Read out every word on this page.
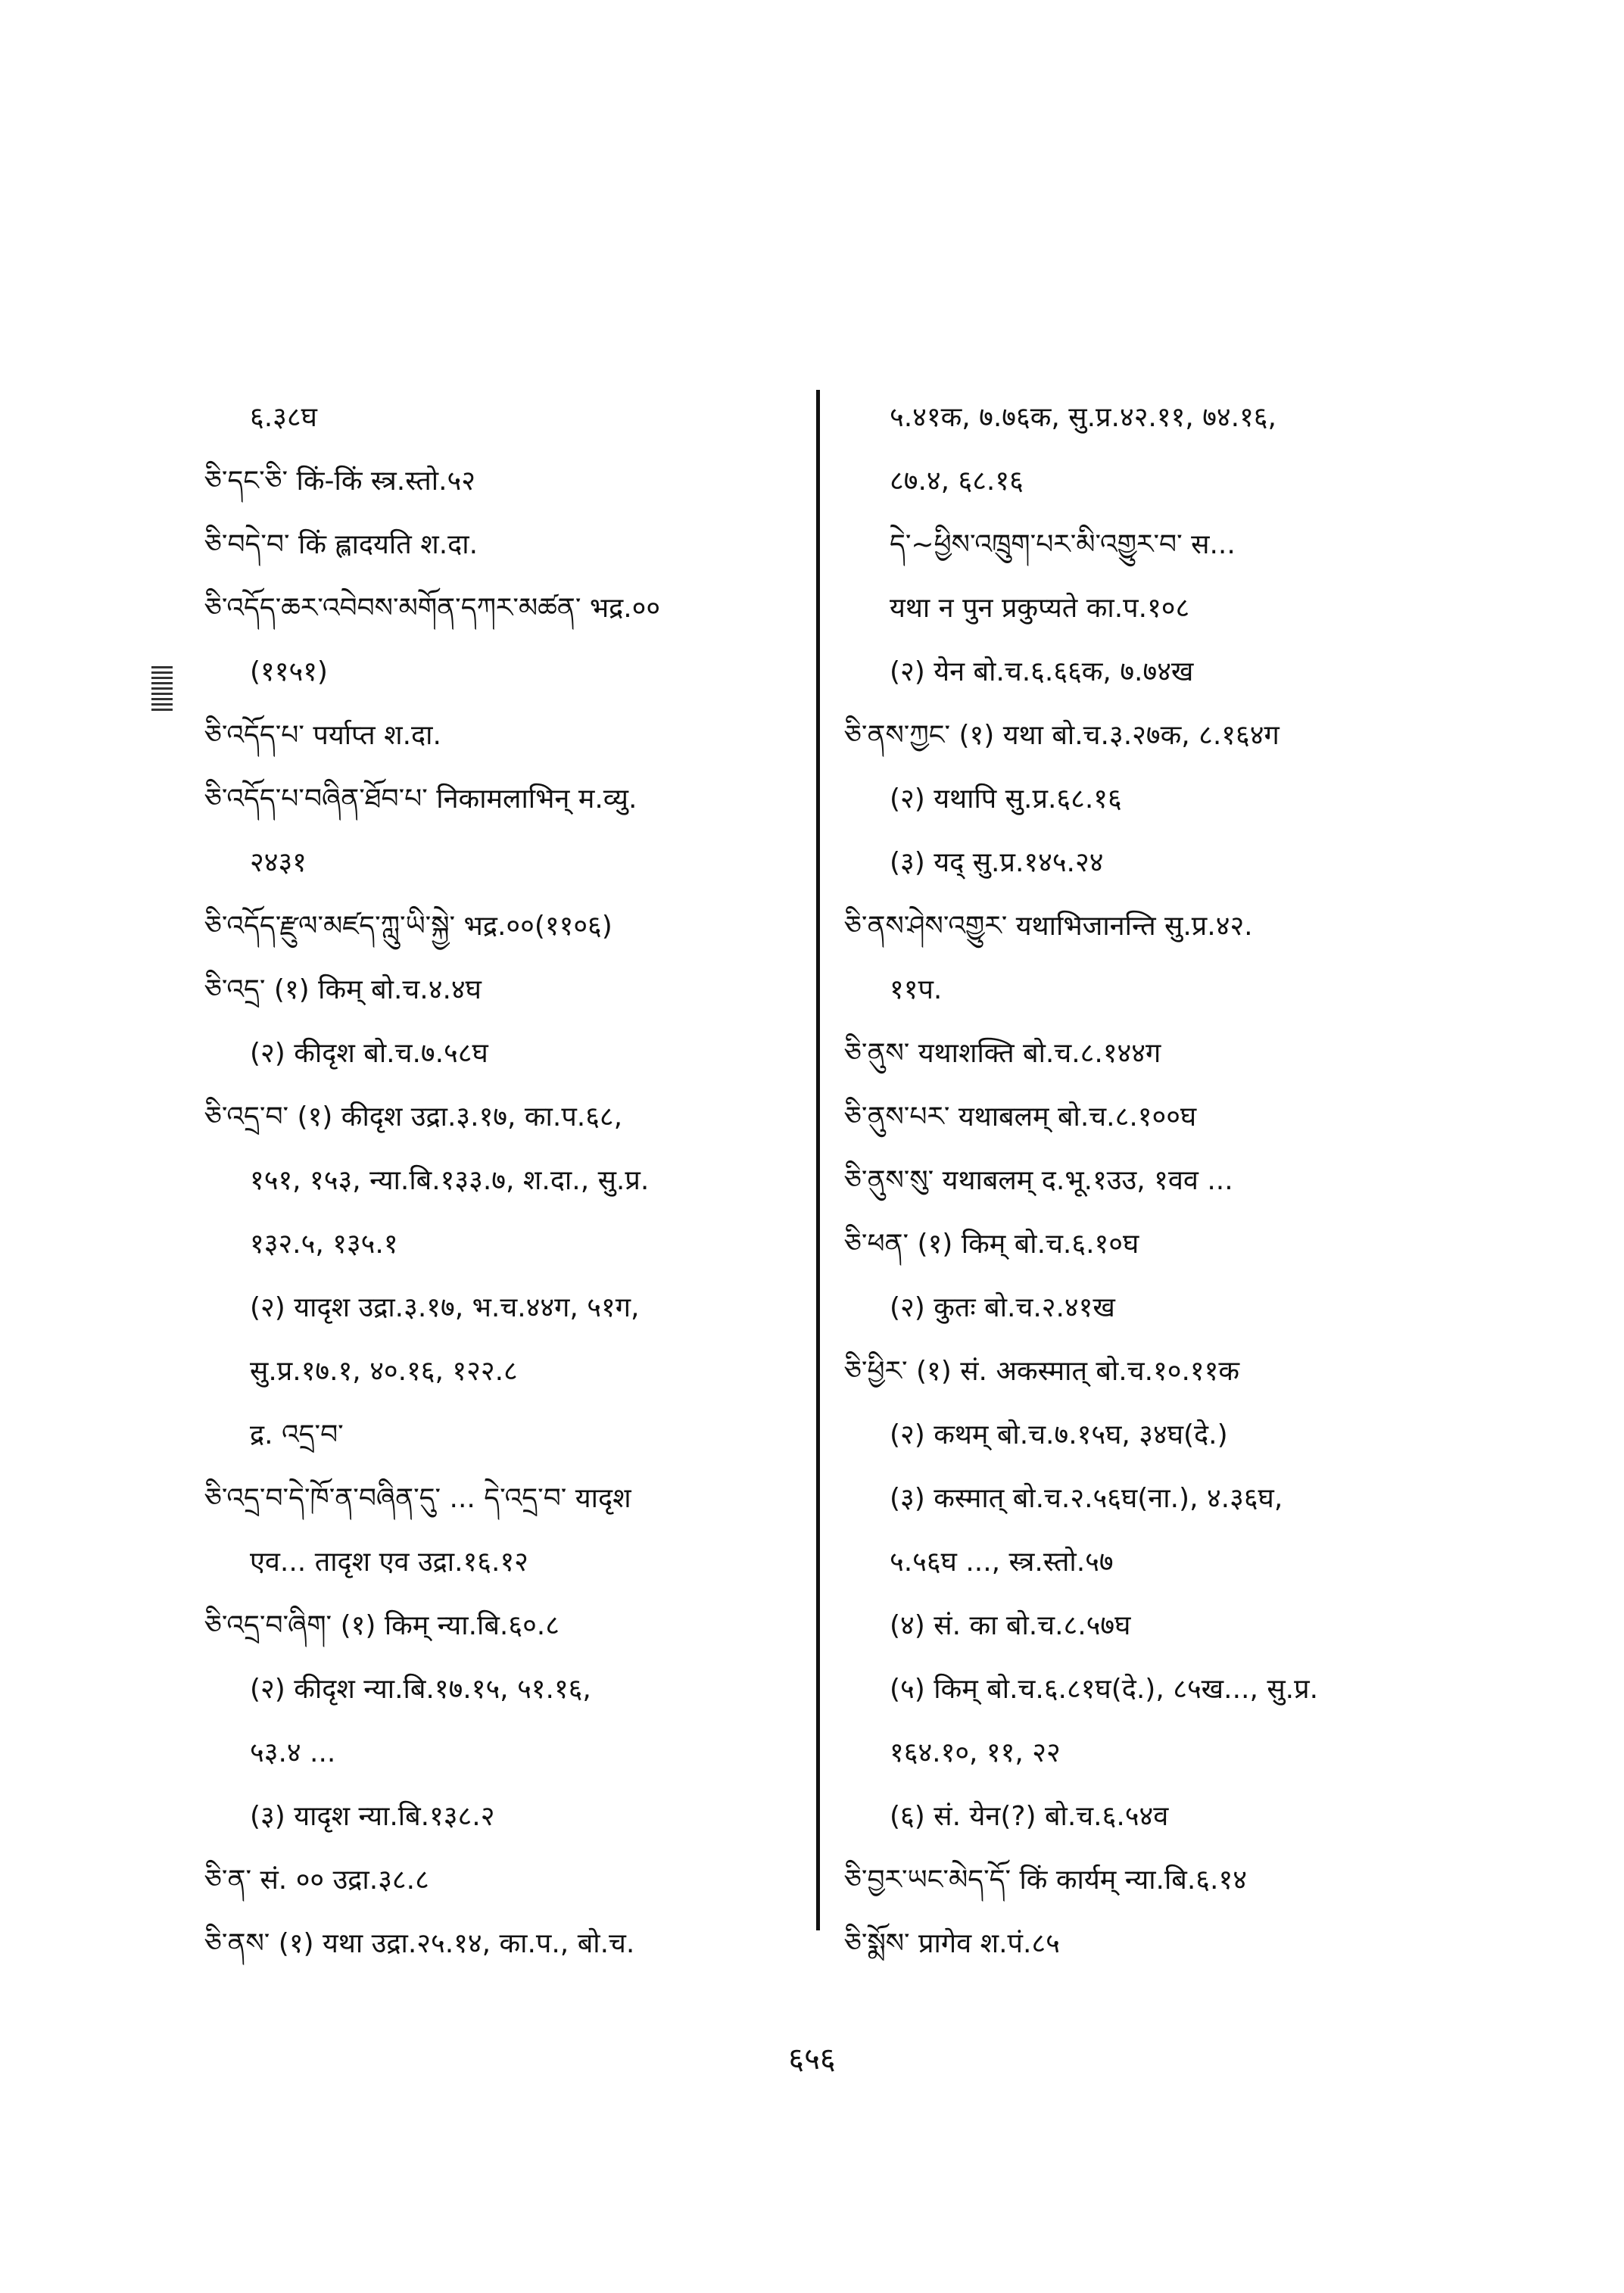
६.३८घ
ཅི་དང་ཅི་ किं-किं स्त्र.स्तो.५२
ཅི་བདེ་བ་ किं ह्लादयति श.दा.
ཅི་འདོད་ཆར་འབེབས་མགོན་དཀར་མཚན་ भद्र.००
(११५१)
ཅི་འདོད་པ་ पर्याप्त श.दा.
ཅི་འདོད་པ་བཞིན་ཐོབ་པ་ निकामलाभिन् म.व्यु.
२४३१
ཅི་འདོད་རྫུལ་མཛད་ཀླུ་ཡི་སྐྱེ་ भद्र.००(११०६)
ཅི་འདྲ་ (१) किम् बो.च.४.४घ
(२) कीदृश बो.च.७.५८घ
ཅི་འདྲ་བ་ (१) कीदृश उद्रा.३.१७, का.प.६८,
१५१, १५३, न्या.बि.१३३.७, श.दा., सु.प्र.
१३२.५, १३५.१
(२) यादृश उद्रा.३.१७, भ.च.४४ग, ५१ग,
सु.प्र.१७.१, ४०.१६, १२२.८
द्र. འདྲ་བ་
ཅི་འདྲ་བ་དེ་ཁོ་ན་བཞིན་དུ་ ... དེ་འདྲ་བ་ यादृश
एव... तादृश एव उद्रा.१६.१२
ཅི་འདྲ་བ་ཞིག་ (१) किम् न्या.बि.६०.८
(२) कीदृश न्या.बि.१७.१५, ५१.१६,
५३.४ ...
(३) यादृश न्या.बि.१३८.२
ཅི་ན་ सं. ०० उद्रा.३८.८
ཅི་ནས་ (१) यथा उद्रा.२५.१४, का.प., बो.च.
५.४१क, ७.७६क, सु.प्र.४२.११, ७४.१६,
८७.४, ६८.१६
དེ་~ཕྱིས་འཁྲུག་པར་མི་འགྱུར་བ་ स...
यथा न पुन प्रकुप्यते का.प.१०८
(२) येन बो.च.६.६६क, ७.७४ख
ཅི་ནས་ཀྱང་ (१) यथा बो.च.३.२७क, ८.१६४ग
(२) यथापि सु.प्र.६८.१६
(३) यद् सु.प्र.१४५.२४
ཅི་ནས་ཤེས་འགྱུར་ यथाभिजानन्ति सु.प्र.४२.
११प.
ཅི་ནུས་ यथाशक्ति बो.च.८.१४४ग
ཅི་ནུས་པར་ यथाबलम् बो.च.८.१००घ
ཅི་ནུས་སུ་ यथाबलम् द.भू.१उउ, १वव ...
ཅི་ཕན་ (१) किम् बो.च.६.१०घ
(२) कुतः बो.च.२.४१ख
ཅི་ཕྱིར་ (१) सं. अकस्मात् बो.च.१०.११क
(२) कथम् बो.च.७.१५घ, ३४घ(दे.)
(३) कस्मात् बो.च.२.५६घ(ना.), ४.३६घ,
५.५६घ ..., स्त्र.स्तो.५७
(४) सं. का बो.च.८.५७घ
(५) किम् बो.च.६.८१घ(दे.), ८५ख..., सु.प्र.
१६४.१०, ११, २२
(६) सं. येन(?) बो.च.६.५४व
ཅི་བྱར་ཡང་མེད་དོ་ किं कार्यम् न्या.बि.६.१४
ཅི་སྨོས་ प्रागेव श.पं.८५
६५६
